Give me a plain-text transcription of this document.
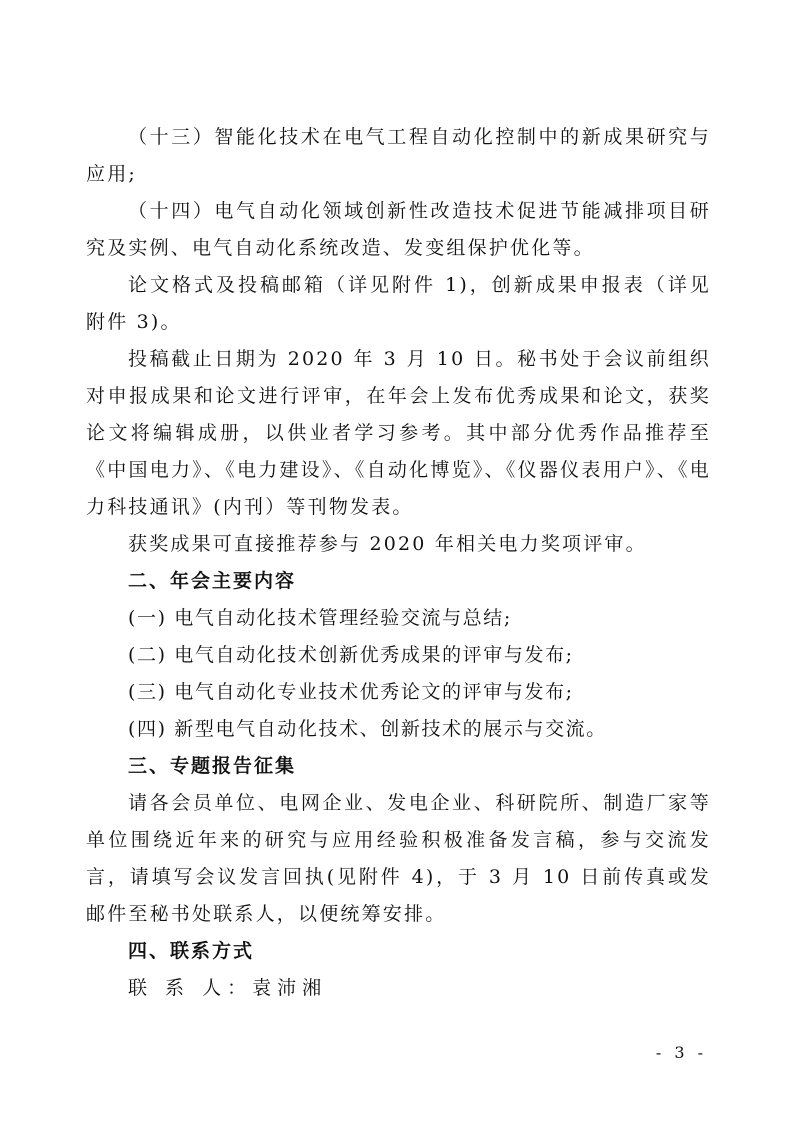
（十三）智能化技术在电气工程自动化控制中的新成果研究与应用;

（十四）电气自动化领域创新性改造技术促进节能减排项目研究及实例、电气自动化系统改造、发变组保护优化等。

论文格式及投稿邮箱（详见附件 1)，创新成果申报表（详见附件 3)。

投稿截止日期为 2020 年 3 月 10 日。秘书处于会议前组织对申报成果和论文进行评审，在年会上发布优秀成果和论文，获奖论文将编辑成册，以供业者学习参考。其中部分优秀作品推荐至《中国电力》、《电力建设》、《自动化博览》、《仪器仪表用户》、《电力科技通讯》(内刊）等刊物发表。

获奖成果可直接推荐参与 2020 年相关电力奖项评审。

二、年会主要内容

(一) 电气自动化技术管理经验交流与总结;

(二) 电气自动化技术创新优秀成果的评审与发布;

(三) 电气自动化专业技术优秀论文的评审与发布;

(四) 新型电气自动化技术、创新技术的展示与交流。

三、专题报告征集

请各会员单位、电网企业、发电企业、科研院所、制造厂家等单位围绕近年来的研究与应用经验积极准备发言稿，参与交流发言，请填写会议发言回执(见附件 4)，于 3 月 10 日前传真或发邮件至秘书处联系人，以便统筹安排。

四、联系方式

联 系 人：袁沛湘

- 3 -
